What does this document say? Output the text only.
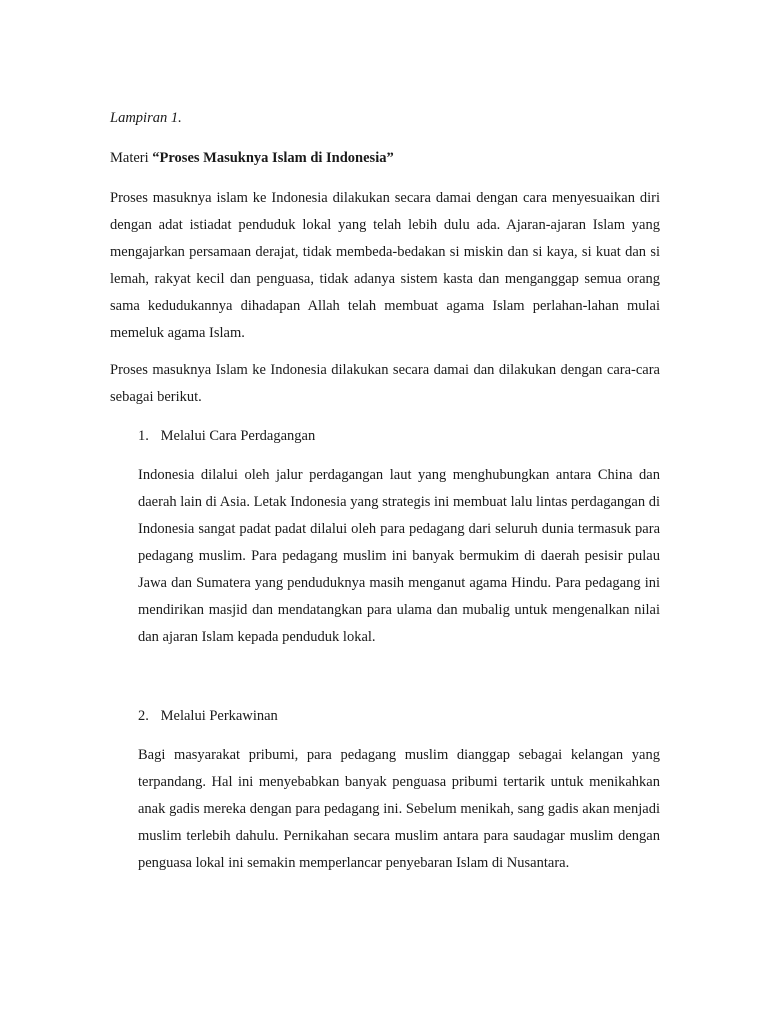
Lampiran 1.

Materi “Proses Masuknya Islam di Indonesia”

Proses masuknya islam ke Indonesia dilakukan secara damai dengan cara menyesuaikan diri dengan adat istiadat penduduk lokal yang telah lebih dulu ada. Ajaran-ajaran Islam yang mengajarkan persamaan derajat, tidak membeda-bedakan si miskin dan si kaya, si kuat dan si lemah, rakyat kecil dan penguasa, tidak adanya sistem kasta dan menganggap semua orang sama kedudukannya dihadapan Allah telah membuat agama Islam perlahan-lahan mulai memeluk agama Islam.

Proses masuknya Islam ke Indonesia dilakukan secara damai dan dilakukan dengan cara-cara sebagai berikut.

1. Melalui Cara Perdagangan

Indonesia dilalui oleh jalur perdagangan laut yang menghubungkan antara China dan daerah lain di Asia. Letak Indonesia yang strategis ini membuat lalu lintas perdagangan di Indonesia sangat padat padat dilalui oleh para pedagang dari seluruh dunia termasuk para pedagang muslim. Para pedagang muslim ini banyak bermukim di daerah pesisir pulau Jawa dan Sumatera yang penduduknya masih menganut agama Hindu. Para pedagang ini mendirikan masjid dan mendatangkan para ulama dan mubalig untuk mengenalkan nilai dan ajaran Islam kepada penduduk lokal.

2. Melalui Perkawinan

Bagi masyarakat pribumi, para pedagang muslim dianggap sebagai kelangan yang terpandang. Hal ini menyebabkan banyak penguasa pribumi tertarik untuk menikahkan anak gadis mereka dengan para pedagang ini. Sebelum menikah, sang gadis akan menjadi muslim terlebih dahulu. Pernikahan secara muslim antara para saudagar muslim dengan penguasa lokal ini semakin memperlancar penyebaran Islam di Nusantara.
